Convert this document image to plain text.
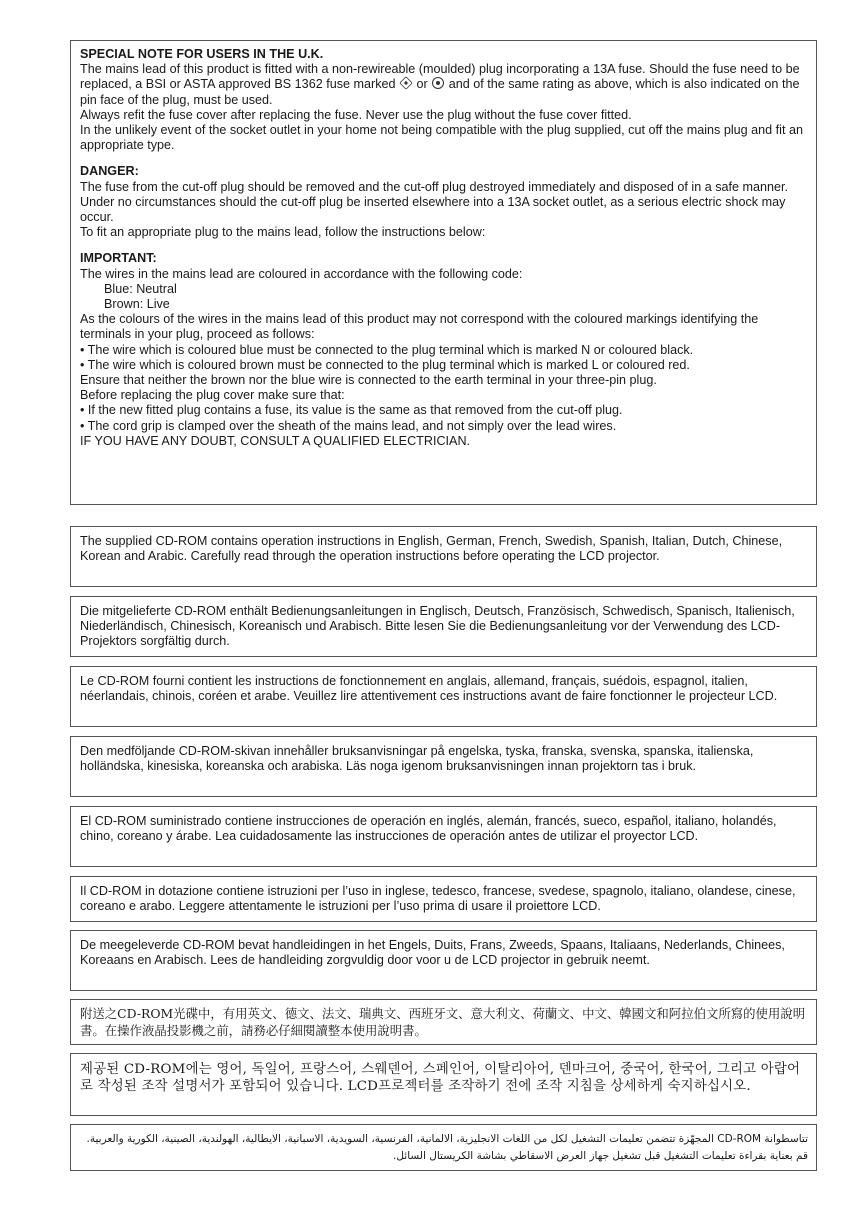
SPECIAL NOTE FOR USERS IN THE U.K.

The mains lead of this product is fitted with a non-rewireable (moulded) plug incorporating a 13A fuse. Should the fuse need to be replaced, a BSI or ASTA approved BS 1362 fuse marked or and of the same rating as above, which is also indicated on the pin face of the plug, must be used.

Always refit the fuse cover after replacing the fuse. Never use the plug without the fuse cover fitted.

In the unlikely event of the socket outlet in your home not being compatible with the plug supplied, cut off the mains plug and fit an appropriate type.

DANGER:

The fuse from the cut-off plug should be removed and the cut-off plug destroyed immediately and disposed of in a safe manner.

Under no circumstances should the cut-off plug be inserted elsewhere into a 13A socket outlet, as a serious electric shock may occur.

To fit an appropriate plug to the mains lead, follow the instructions below:

IMPORTANT:

The wires in the mains lead are coloured in accordance with the following code:

Blue: Neutral

Brown: Live

As the colours of the wires in the mains lead of this product may not correspond with the coloured markings identifying the terminals in your plug, proceed as follows:

• The wire which is coloured blue must be connected to the plug terminal which is marked N or coloured black.

• The wire which is coloured brown must be connected to the plug terminal which is marked L or coloured red.

Ensure that neither the brown nor the blue wire is connected to the earth terminal in your three-pin plug.

Before replacing the plug cover make sure that:

• If the new fitted plug contains a fuse, its value is the same as that removed from the cut-off plug.

• The cord grip is clamped over the sheath of the mains lead, and not simply over the lead wires.

IF YOU HAVE ANY DOUBT, CONSULT A QUALIFIED ELECTRICIAN.

The supplied CD-ROM contains operation instructions in English, German, French, Swedish, Spanish, Italian, Dutch, Chinese, Korean and Arabic. Carefully read through the operation instructions before operating the LCD projector.

Die mitgelieferte CD-ROM enthält Bedienungsanleitungen in Englisch, Deutsch, Französisch, Schwedisch, Spanisch, Italienisch, Niederländisch, Chinesisch, Koreanisch und Arabisch. Bitte lesen Sie die Bedienungsanleitung vor der Verwendung des LCD-Projektors sorgfältig durch.

Le CD-ROM fourni contient les instructions de fonctionnement en anglais, allemand, français, suédois, espagnol, italien, néerlandais, chinois, coréen et arabe. Veuillez lire attentivement ces instructions avant de faire fonctionner le projecteur LCD.

Den medföljande CD-ROM-skivan innehåller bruksanvisningar på engelska, tyska, franska, svenska, spanska, italienska, holländska, kinesiska, koreanska och arabiska. Läs noga igenom bruksanvisningen innan projektorn tas i bruk.

El CD-ROM suministrado contiene instrucciones de operación en inglés, alemán, francés, sueco, español, italiano, holandés, chino, coreano y árabe. Lea cuidadosamente las instrucciones de operación antes de utilizar el proyector LCD.

Il CD-ROM in dotazione contiene istruzioni per l’uso in inglese, tedesco, francese, svedese, spagnolo, italiano, olandese, cinese, coreano e arabo. Leggere attentamente le istruzioni per l’uso prima di usare il proiettore LCD.

De meegeleverde CD-ROM bevat handleidingen in het Engels, Duits, Frans, Zweeds, Spaans, Italiaans, Nederlands, Chinees, Koreaans en Arabisch. Lees de handleiding zorgvuldig door voor u de LCD projector in gebruik neemt.

附送之CD-ROM光碟中，有用英文、德文、法文、瑞典文、西班牙文、意大利文、荷蘭文、中文、韓國文和阿拉伯文所寫的使用說明書。在操作液晶投影機之前，請務必仔細閱讀整本使用說明書。

제공된 CD-ROM에는 영어, 독일어, 프랑스어, 스웨덴어, 스페인어, 이탈리아어, 덴마크어, 중국어, 한국어, 그리고 아랍어로 작성된 조작 설명서가 포함되어 있습니다. LCD프로젝터를 조작하기 전에 조작 지침을 상세하게 숙지하십시오.

تتاسطوانة CD-ROM المجهّزة تتضمن تعليمات التشغيل لكل من اللغات الانجليزية، الالمانية، الفرنسية، السويدية، الاسبانية، الايطالية، الهولندية، الصينية، الكورية والعربية. قم بعناية بقراءة تعليمات التشغيل قبل تشغيل جهاز العرض الاسقاطي بشاشة الكريستال السائل.
